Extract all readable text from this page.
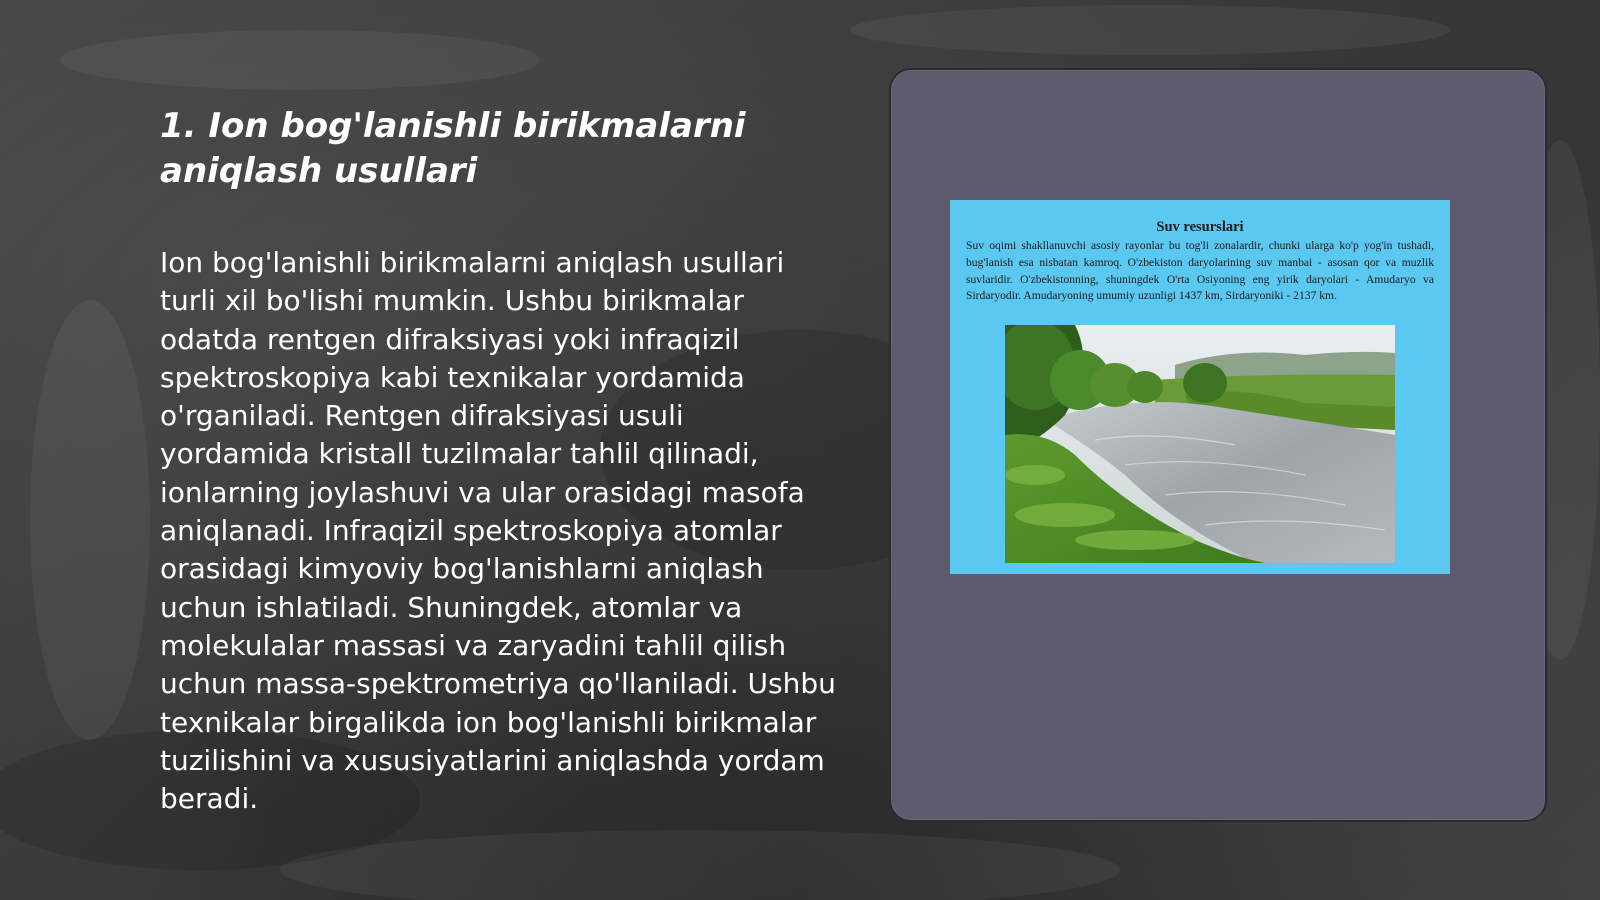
1. Ion bog'lanishli birikmalarni aniqlash usullari

Ion bog'lanishli birikmalarni aniqlash usullari turli xil bo'lishi mumkin. Ushbu birikmalar odatda rentgen difraksiyasi yoki infraqizil spektroskopiya kabi texnikalar yordamida o'rganiladi. Rentgen difraksiyasi usuli yordamida kristall tuzilmalar tahlil qilinadi, ionlarning joylashuvi va ular orasidagi masofa aniqlanadi. Infraqizil spektroskopiya atomlar orasidagi kimyoviy bog'lanishlarni aniqlash uchun ishlatiladi. Shuningdek, atomlar va molekulalar massasi va zaryadini tahlil qilish uchun massa-spektrometriya qo'llaniladi. Ushbu texnikalar birgalikda ion bog'lanishli birikmalar tuzilishini va xususiyatlarini aniqlashda yordam beradi.

Suv resurslari

Suv oqimi shakllanuvchi asosiy rayonlar bu tog'li zonalardir, chunki ularga ko'p yog'in tushadi, bug'lanish esa nisbatan kamroq. O'zbekiston daryolarining suv manbai - asosan qor va muzlik suvlaridir. O'zbekistonning, shuningdek O'rta Osiyoning eng yirik daryolari - Amudaryo va Sirdaryodir. Amudaryoning umumiy uzunligi 1437 km, Sirdaryoniki - 2137 km.
